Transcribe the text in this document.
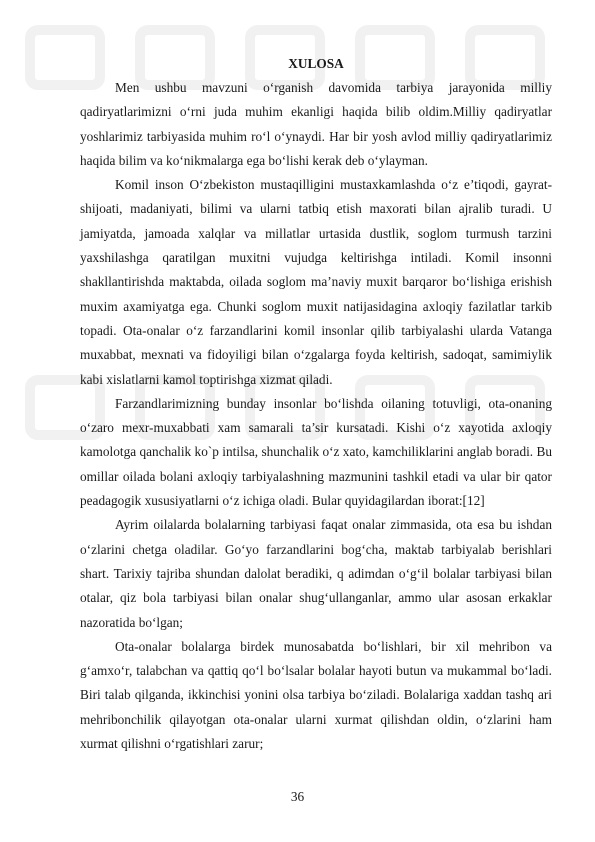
XULOSA

Men ushbu mavzuni o‘rganish davomida tarbiya jarayonida milliy qadiryatlarimizni o‘rni juda muhim ekanligi haqida bilib oldim.Milliy qadiryatlar yoshlarimiz tarbiyasida muhim ro‘l o‘ynaydi. Har bir yosh avlod milliy qadiryatlarimiz haqida bilim va ko‘nikmalarga ega bo‘lishi kerak deb o‘ylayman.

Komil inson O‘zbekiston mustaqilligini mustaxkamlashda o‘z e’tiqodi, gayrat-shijoati, madaniyati, bilimi va ularni tatbiq etish maxorati bilan ajralib turadi. U jamiyatda, jamoada xalqlar va millatlar urtasida dustlik, soglom turmush tarzini yaxshilashga qaratilgan muxitni vujudga keltirishga intiladi. Komil insonni shakllantirishda maktabda, oilada soglom ma’naviy muxit barqaror bo‘lishiga erishish muxim axamiyatga ega. Chunki soglom muxit natijasidagina axloqiy fazilatlar tarkib topadi. Ota-onalar o‘z farzandlarini komil insonlar qilib tarbiyalashi ularda Vatanga muxabbat, mexnati va fidoyiligi bilan o‘zgalarga foyda keltirish, sadoqat, samimiylik kabi xislatlarni kamol toptirishga xizmat qiladi.

Farzandlarimizning bunday insonlar bo‘lishda oilaning totuvligi, ota-onaning o‘zaro mexr-muxabbati xam samarali ta’sir kursatadi. Kishi o‘z xayotida axloqiy kamolotga qanchalik ko`p intilsa, shunchalik o‘z xato, kamchiliklarini anglab boradi. Bu omillar oilada bolani axloqiy tarbiyalashning mazmunini tashkil etadi va ular bir qator peadagogik xususiyatlarni o‘z ichiga oladi. Bular quyidagilardan iborat:[12]

Ayrim oilalarda bolalarning tarbiyasi faqat onalar zimmasida, ota esa bu ishdan o‘zlarini chetga oladilar. Go‘yo farzandlarini bog‘cha, maktab tarbiyalab berishlari shart. Tarixiy tajriba shundan dalolat beradiki, q adimdan o‘g‘il bolalar tarbiyasi bilan otalar, qiz bola tarbiyasi bilan onalar shug‘ullanganlar, ammo ular asosan erkaklar nazoratida bo‘lgan;

Ota-onalar bolalarga birdek munosabatda bo‘lishlari, bir xil mehribon va g‘amxo‘r, talabchan va qattiq qo‘l bo‘lsalar bolalar hayoti butun va mukammal bo‘ladi. Biri talab qilganda, ikkinchisi yonini olsa tarbiya bo‘ziladi. Bolalariga xaddan tashq ari mehribonchilik qilayotgan ota-onalar ularni xurmat qilishdan oldin, o‘zlarini ham xurmat qilishni o‘rgatishlari zarur;

36
